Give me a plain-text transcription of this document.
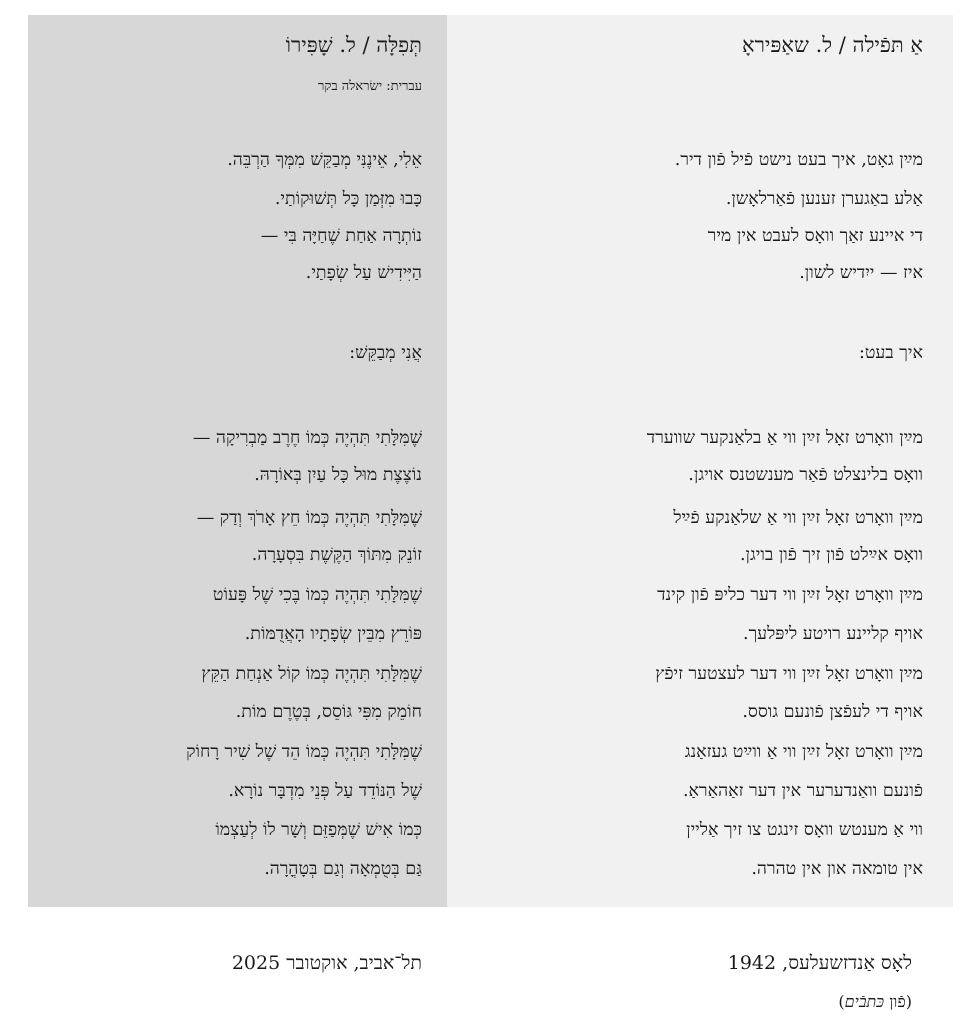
אַ תּפֿילה / ל. שאַפּיראָ
מײַן גאָט, איך בעט נישט פֿיל פֿון דיר.
אַלע באַגערן זענען פֿאַרלאָשן.
די איינע זאַך וואָס לעבט אין מיר
איז — ייִדיש לשון.
איך בעט:
מײַן וואָרט זאָל זײַן ווי אַ בלאַנקער שווערד
וואָס בלינצלט פֿאַר מענשטנס אויגן.
מײַן וואָרט זאָל זײַן ווי אַ שלאַנקע פֿײַל
וואָס אײַלט פֿון זיך פֿון בויגן.
מײַן וואָרט זאָל זײַן ווי דער כליפּ פֿון קינד
אויף קליינע רויטע ליפּלעך.
מײַן וואָרט זאָל זײַן ווי דער לעצטער זיפֿץ
אויף די לעפֿצן פֿונעם גוסס.
מײַן וואָרט זאָל זײַן ווי אַ ווײַט געזאַנג
פֿונעם וואַנדערער אין דער זאַהאַראַ.
ווי אַ מענטש וואָס זינגט צו זיך אַליין
אין טומאה און אין טהרה.
תְּפִלָּה / ל. שָׁפִּירוֹ
עברית: ישׂראלה בקר
אֵלִי, אֵינֶנִּי מְבַקֵּשׁ מִמְּךָ הַרְבֵּה.
כָּבוּ מִזְּמַן כָּל תְּשׁוּקוֹתַי.
נוֹתְרָה אַחַת שֶׁחַיָּה בִּי —
הַיִּידִישׁ עַל שְׂפָתַי.
אֲנִי מְבַקֵּשׁ:
שֶׁמִּלָּתִי תִּהְיֶה כְּמוֹ חֶרֶב מַבְרִיקָה —
נוֹצֶצֶת מוּל כָּל עַיִן בְּאוֹרָהּ.
שֶׁמִּלָּתִי תִּהְיֶה כְּמוֹ חֵץ אָרֹךְ וְדַק —
זוֹנֵק מִתּוֹךְ הַקֶּשֶׁת בִּסְעָרָה.
שֶׁמִּלָּתִי תִּהְיֶה כְּמוֹ בֶּכִי שֶׁל פָּעוֹט
פּוֹרֵץ מִבֵּין שְׂפָתָיו הָאֲדֻמּוֹת.
שֶׁמִּלָּתִי תִּהְיֶה כְּמוֹ קוֹל אַנְחַת הַקֵּץ
חוֹמֵק מִפִּי גּוֹסֵס, בְּטֶרֶם מוֹת.
שֶׁמִּלָּתִי תִּהְיֶה כְּמוֹ הֵד שֶׁל שִׁיר רָחוֹק
שֶׁל הַנּוֹדֵד עַל פְּנֵי מִדְבָּר נוֹרָא.
כְּמוֹ אִישׁ שֶׁמְּפַזֵּם וְשָׁר לוֹ לְעַצְמוֹ
גַּם בְּטֻמְאָה וְגַם בְּטָהֳרָה.
תל־אביב, אוקטובר 2025	לאָס אַנדזשעלעס, 1942
(פֿון כּתבֿים)
